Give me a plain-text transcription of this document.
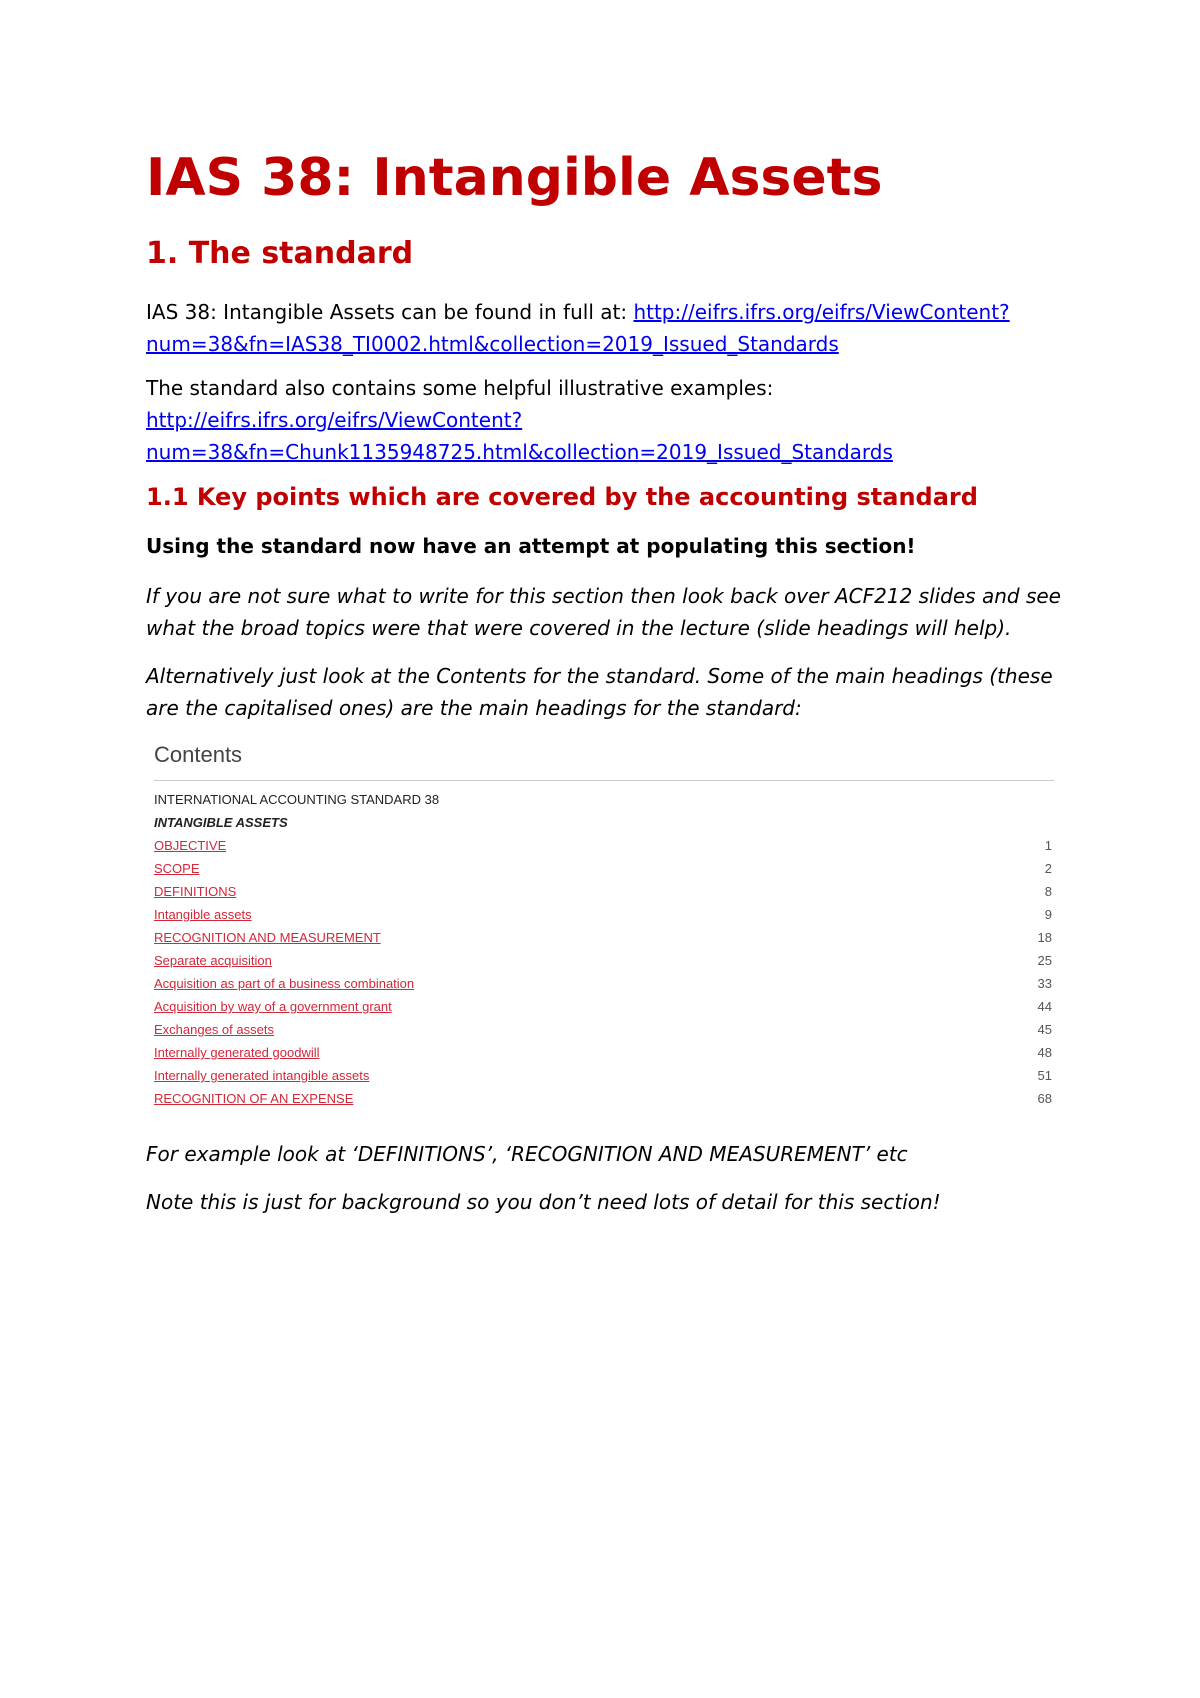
IAS 38: Intangible Assets
1. The standard
IAS 38: Intangible Assets can be found in full at: http://eifrs.ifrs.org/eifrs/ViewContent?
num=38&fn=IAS38_TI0002.html&collection=2019_Issued_Standards
The standard also contains some helpful illustrative examples:
http://eifrs.ifrs.org/eifrs/ViewContent?
num=38&fn=Chunk1135948725.html&collection=2019_Issued_Standards
1.1 Key points which are covered by the accounting standard

Using the standard now have an attempt at populating this section!

If you are not sure what to write for this section then look back over ACF212 slides and see
what the broad topics were that were covered in the lecture (slide headings will help).
Alternatively just look at the Contents for the standard. Some of the main headings (these
are the capitalised ones) are the main headings for the standard:
Contents
INTERNATIONAL ACCOUNTING STANDARD 38
INTANGIBLE ASSETS
OBJECTIVE	1
SCOPE	2
DEFINITIONS	8
Intangible assets	9
RECOGNITION AND MEASUREMENT	18
Separate acquisition	25
Acquisition as part of a business combination	33
Acquisition by way of a government grant	44
Exchanges of assets	45
Internally generated goodwill	48
Internally generated intangible assets	51
RECOGNITION OF AN EXPENSE	68

For example look at ‘DEFINITIONS’, ‘RECOGNITION AND MEASUREMENT’ etc

Note this is just for background so you don’t need lots of detail for this section!
